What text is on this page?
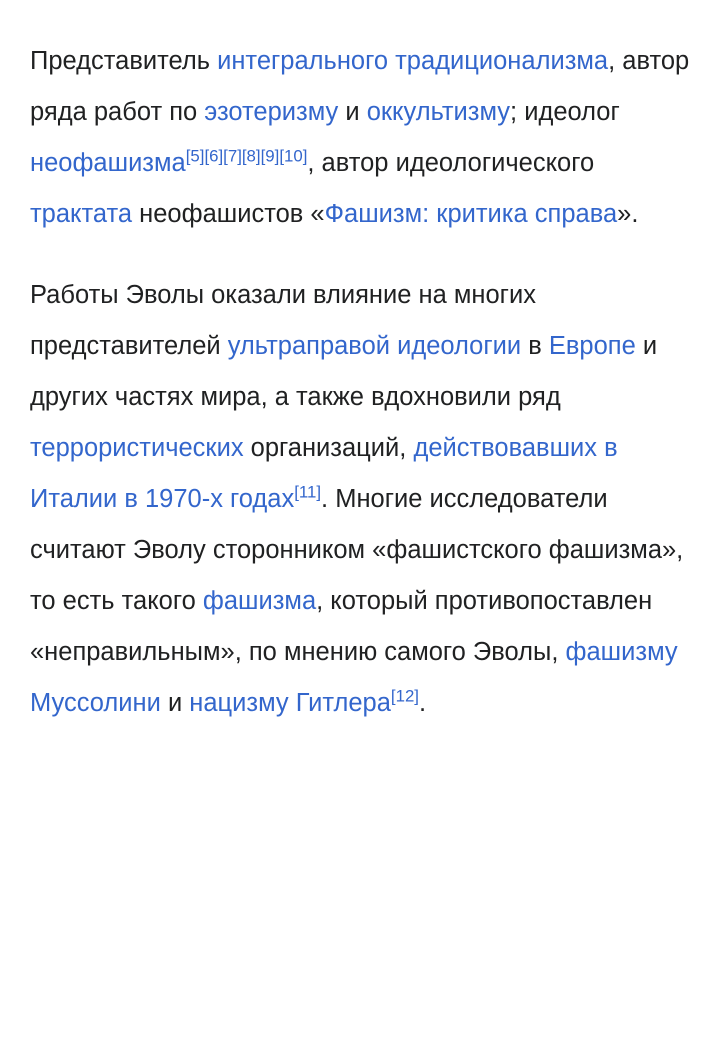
Представитель интегрального традиционализма, автор ряда работ по эзотеризму и оккультизму; идеолог неофашизма[5][6][7][8][9][10], автор идеологического трактата неофашистов «Фашизм: критика справа».

Работы Эволы оказали влияние на многих представителей ультраправой идеологии в Европе и других частях мира, а также вдохновили ряд террористических организаций, действовавших в Италии в 1970-х годах[11]. Многие исследователи считают Эволу сторонником «фашистского фашизма», то есть такого фашизма, который противопоставлен «неправильным», по мнению самого Эволы, фашизму Муссолини и нацизму Гитлера[12].
